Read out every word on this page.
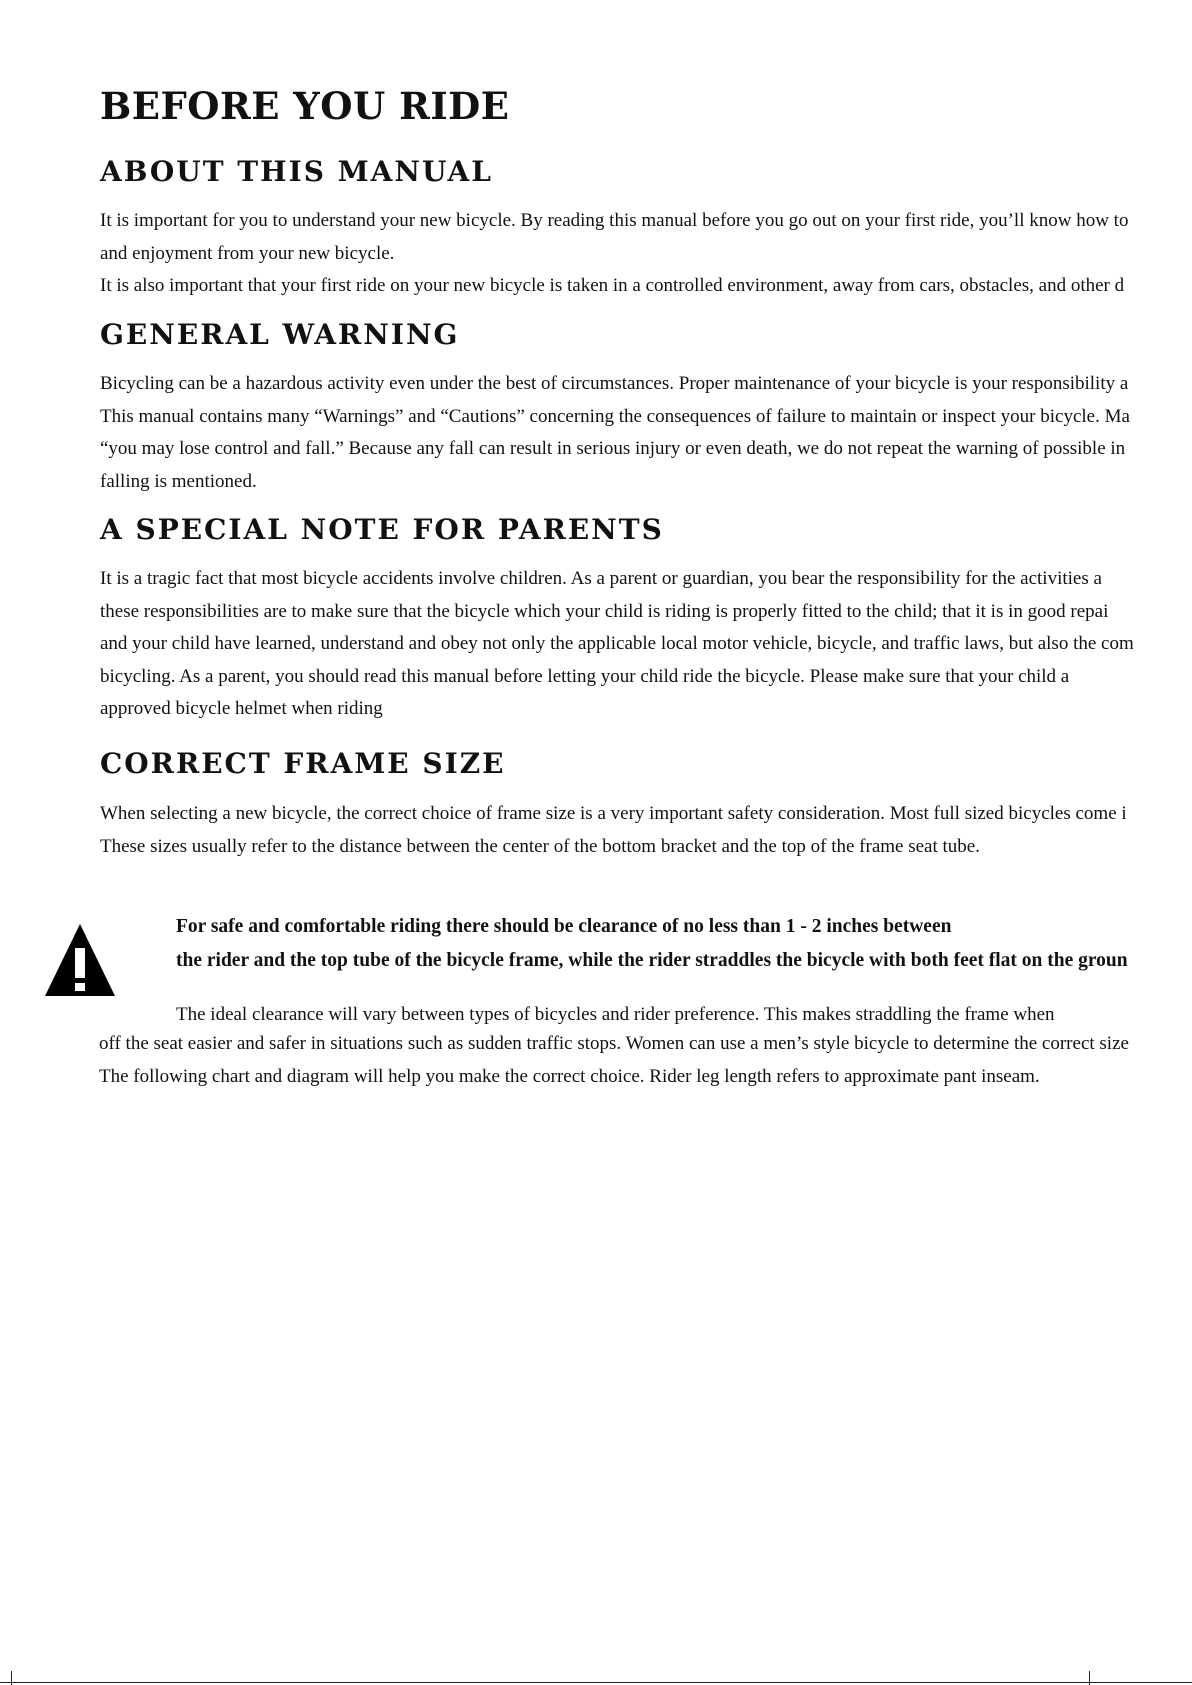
BEFORE YOU RIDE
ABOUT THIS MANUAL
It is important for you to understand your new bicycle. By reading this manual before you go out on your first ride, you’ll know how to
and enjoyment from your new bicycle.
It is also important that your first ride on your new bicycle is taken in a controlled environment, away from cars, obstacles, and other d
GENERAL WARNING
Bicycling can be a hazardous activity even under the best of circumstances. Proper maintenance of your bicycle is your responsibility a
This manual contains many “Warnings” and “Cautions” concerning the consequences of failure to maintain or inspect your bicycle. Ma
“you may lose control and fall.” Because any fall can result in serious injury or even death, we do not repeat the warning of possible in
falling is mentioned.
A SPECIAL NOTE FOR PARENTS
It is a tragic fact that most bicycle accidents involve children. As a parent or guardian, you bear the responsibility for the activities a
these responsibilities are to make sure that the bicycle which your child is riding is properly fitted to the child; that it is in good repai
and your child have learned, understand and obey not only the applicable local motor vehicle, bicycle, and traffic laws, but also the com
bicycling. As a parent, you should read this manual before letting your child ride the bicycle. Please make sure that your child a
approved bicycle helmet when riding
CORRECT FRAME SIZE
When selecting a new bicycle, the correct choice of frame size is a very important safety consideration. Most full sized bicycles come i
These sizes usually refer to the distance between the center of the bottom bracket and the top of the frame seat tube.
For safe and comfortable riding there should be clearance of no less than 1 - 2 inches between
the rider and the top tube of the bicycle frame, while the rider straddles the bicycle with both feet flat on the groun
The ideal clearance will vary between types of bicycles and rider preference. This makes straddling the frame when
off the seat easier and safer in situations such as sudden traffic stops. Women can use a men’s style bicycle to determine the correct size
The following chart and diagram will help you make the correct choice. Rider leg length refers to approximate pant inseam.
